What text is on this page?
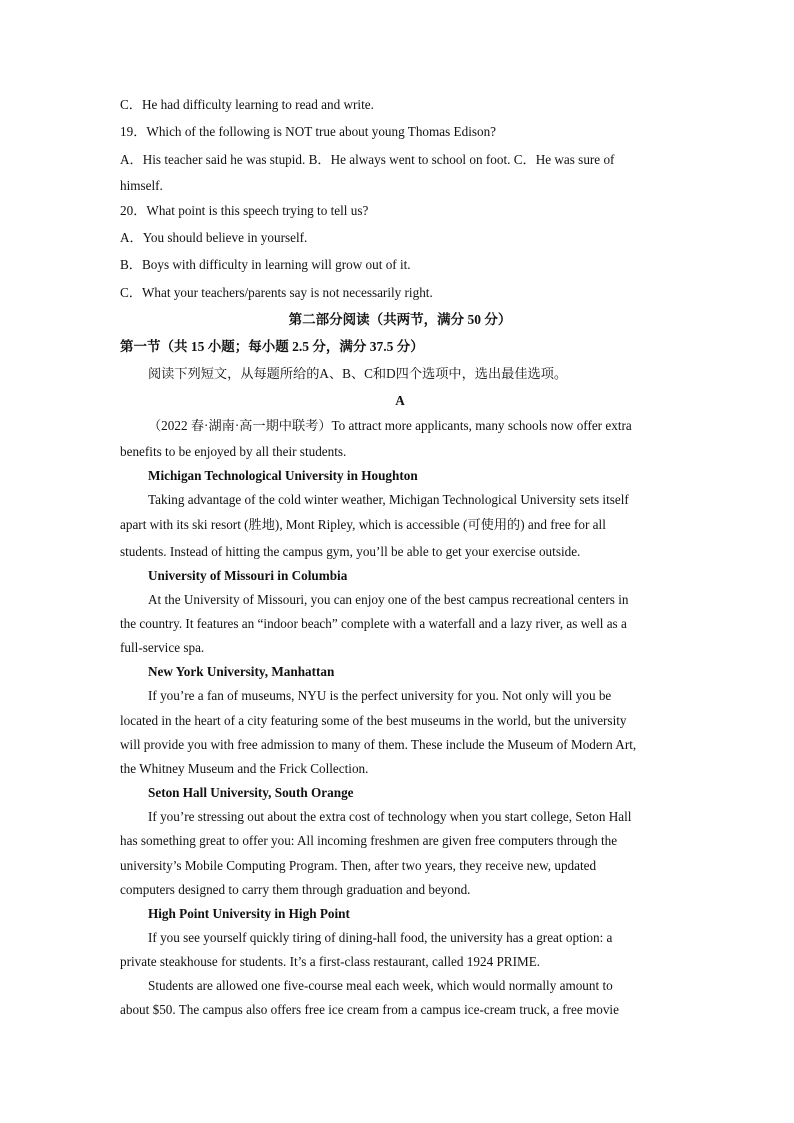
C．He had difficulty learning to read and write.
19．Which of the following is NOT true about young Thomas Edison?
A．His teacher said he was stupid. B．He always went to school on foot. C．He was sure of
himself.
20．What point is this speech trying to tell us?
A．You should believe in yourself.
B．Boys with difficulty in learning will grow out of it.
C．What your teachers/parents say is not necessarily right.
第二部分阅读（共两节，满分 50 分）
第一节（共 15 小题；每小题 2.5 分，满分 37.5 分）
阅读下列短文，从每题所给的A、B、C和D四个选项中，选出最佳选项。
A
（2022 春·湖南·高一期中联考）To attract more applicants, many schools now offer extra
benefits to be enjoyed by all their students.
Michigan Technological University in Houghton
Taking advantage of the cold winter weather, Michigan Technological University sets itself
apart with its ski resort (胜地), Mont Ripley, which is accessible (可使用的) and free for all
students. Instead of hitting the campus gym, you’ll be able to get your exercise outside.
University of Missouri in Columbia
At the University of Missouri, you can enjoy one of the best campus recreational centers in
the country. It features an “indoor beach” complete with a waterfall and a lazy river, as well as a
full-service spa.
New York University, Manhattan
If you’re a fan of museums, NYU is the perfect university for you. Not only will you be
located in the heart of a city featuring some of the best museums in the world, but the university
will provide you with free admission to many of them. These include the Museum of Modern Art,
the Whitney Museum and the Frick Collection.
Seton Hall University, South Orange
If you’re stressing out about the extra cost of technology when you start college, Seton Hall
has something great to offer you: All incoming freshmen are given free computers through the
university’s Mobile Computing Program. Then, after two years, they receive new, updated
computers designed to carry them through graduation and beyond.
High Point University in High Point
If you see yourself quickly tiring of dining-hall food, the university has a great option: a
private steakhouse for students. It’s a first-class restaurant, called 1924 PRIME.
Students are allowed one five-course meal each week, which would normally amount to
about $50. The campus also offers free ice cream from a campus ice-cream truck, a free movie
